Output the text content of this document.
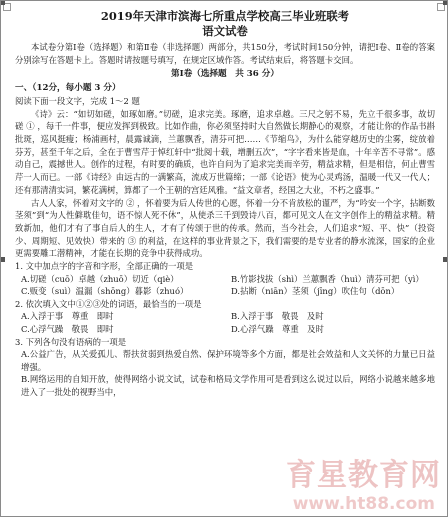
2019年天津市滨海七所重点学校高三毕业班联考
语文试卷

本试卷分第Ⅰ卷（选择题）和第Ⅱ卷（非选择题）两部分，共150分，考试时间150分钟，请把Ⅰ卷、Ⅱ卷的答案分别涂写在答题卡上。答题时请按题号填写，在规定区域作答。考试结束后，将答题卡交回。

第Ⅰ卷（选择题　共 36 分）

一、（12分，每小题 3 分）

阅读下面一段文字，完成 1～2 题

《诗》云：“如切如磋，如琢如磨。”切磋，追求完美。琢磨，追求卓越。三尺之躬不易，先立千很多事，故切磋 ① ，每千一件事，便应发挥到极致。比如作曲，你必须坚持时大自然做长期静心的观察，才能让你的作品书斟批斑，巡风挺瘦；杨浦画村，晨露诚滴，兰蕙飘香，清芬可把……《节缩鸟》，为什么能穿越历史的尘雾，绽放着芬芳，甚至千年之后，全在于曹雪芹于悼红轩中“批阅十载，增删五次”，“字字看来皆是血，十年辛苦不寻常”。感动自己，震撼世人。创作的过程，有时要的确质，也许自问为了追求完美而辛劳，精益求精，但是相信，何止曹雪芹一人而已。一部《诗经》由远古的一满繁高，流成万世篇缔；一部《论语》使为心灵鸡汤，温暖一代又一代人；还有那清清实词，繁花满树，算都了一个王朝的宫廷风雅。“益文章者，经国之大业，不朽之盛事。”

古人人家，怀着对文字的 ② ，怀着要为后人传世的心愿，怀着一分不肯放松的谨严，为“吟安一个字，拈断数茎须”到“为人性僻耽佳句，语不惊人死不休”，从使杀三千到毁诗八百，都可见文人在文字创作上的精益求精。精致新加，他们才有了事自后人的生人，才有了传颂于世的传承。然而，当今社会，人们追求“短、平、快”（投资少、周期短、见效快）带来的 ③ 的利益，在这样的事业背景之下，我们需要的是专业者的静水流深，国家的企业更需要雕工潜精神，才能在长期的竞争中获得成功。

1. 文中加点字的字音和字形，全部正确的一项是

A.切磋（cuō）卓越（zhuō）切近（qiè）	B.竹影找拔（shì）兰蕙飘香（huì）清芬可把（yì）
C.贩变（suì）温漏（shōng）暮影（zhuó）	D.拈断（niān）茎须（jīng）吹住句（dōn）

2. 依次填入文中①②③处的词语，最恰当的一项是

A.入浮于事　尊重　即时	B.入浮于事　敬畏　及时
C.心浮气躁　敬畏　即时	D.心浮气躁　尊重　及时

3. 下列各句没有语病的一项是

A.公益广告，从关爱孤儿、帮扶贫弱到热爱自然、保护环境等多个方面，都是社会效益和人文关怀的力量已日益增强。

B.网络运用的自知开放，使得网络小说文试，试卷和格局文学作用可是看到这么说过以后，网络小说越来越多地进入了一批处的视野当中，

育星教育网
www.ht88.com
